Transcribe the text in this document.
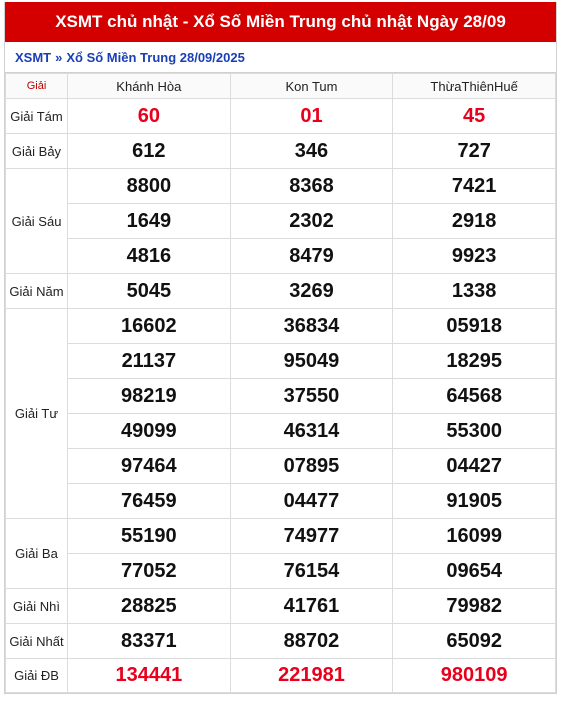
XSMT chủ nhật - Xổ Số Miền Trung chủ nhật Ngày 28/09
XSMT » Xổ Số Miền Trung 28/09/2025
Giải	Khánh Hòa	Kon Tum	ThừaThiênHuế
Giải Tám	60	01	45
Giải Bảy	612	346	727
Giải Sáu	8800	8368	7421
	1649	2302	2918
	4816	8479	9923
Giải Năm	5045	3269	1338
Giải Tư	16602	36834	05918
	21137	95049	18295
	98219	37550	64568
	49099	46314	55300
	97464	07895	04427
	76459	04477	91905
Giải Ba	55190	74977	16099
	77052	76154	09654
Giải Nhì	28825	41761	79982
Giải Nhất	83371	88702	65092
Giải ĐB	134441	221981	980109
